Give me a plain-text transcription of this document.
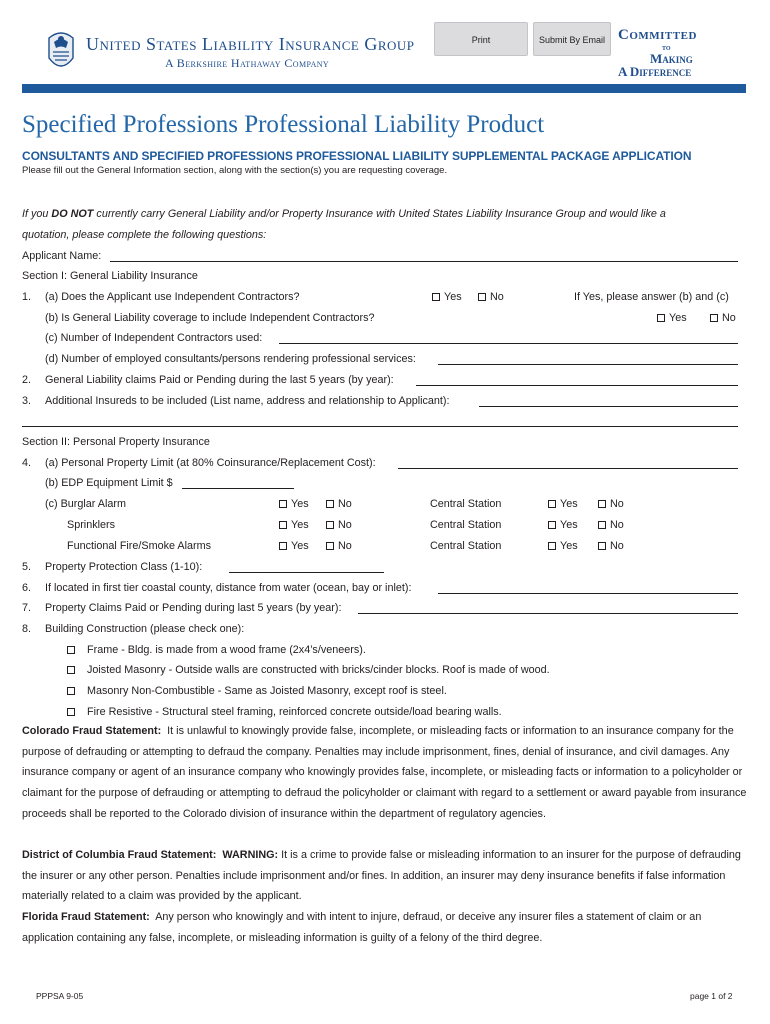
United States Liability Insurance Group
A Berkshire Hathaway Company
Print	Submit By Email Committed
to
Making
A Difference
Specified Professions Professional Liability Product
CONSULTANTS AND SPECIFIED PROFESSIONS PROFESSIONAL LIABILITY SUPPLEMENTAL PACKAGE APPLICATION
Please fill out the General Information section, along with the section(s) you are requesting coverage.
If you DO NOT currently carry General Liability and/or Property Insurance with United States Liability Insurance Group and would like a
quotation, please complete the following questions:
Applicant Name:
Section I: General Liability Insurance
1. (a) Does the Applicant use Independent Contractors?	Yes	No	If Yes, please answer (b) and (c)
(b) Is General Liability coverage to include Independent Contractors?	Yes	No
(c) Number of Independent Contractors used:
(d) Number of employed consultants/persons rendering professional services:
2. General Liability claims Paid or Pending during the last 5 years (by year):
3. Additional Insureds to be included (List name, address and relationship to Applicant):
Section II: Personal Property Insurance
4. (a) Personal Property Limit (at 80% Coinsurance/Replacement Cost):
(b) EDP Equipment Limit $
(c) Burglar Alarm	Yes	No	Central Station	Yes	No
Sprinklers	Yes	No	Central Station	Yes	No
Functional Fire/Smoke Alarms	Yes	No	Central Station	Yes	No
5. Property Protection Class (1-10):
6. If located in first tier coastal county, distance from water (ocean, bay or inlet):
7. Property Claims Paid or Pending during last 5 years (by year):
8. Building Construction (please check one):
Frame - Bldg. is made from a wood frame (2x4’s/veneers).
Joisted Masonry - Outside walls are constructed with bricks/cinder blocks. Roof is made of wood.
Masonry Non-Combustible - Same as Joisted Masonry, except roof is steel.
Fire Resistive - Structural steel framing, reinforced concrete outside/load bearing walls.
Colorado Fraud Statement: It is unlawful to knowingly provide false, incomplete, or misleading facts or information to an insurance company for the purpose of defrauding or attempting to defraud the company. Penalties may include imprisonment, fines, denial of insurance, and civil damages. Any insurance company or agent of an insurance company who knowingly provides false, incomplete, or misleading facts or information to a policyholder or claimant for the purpose of defrauding or attempting to defraud the policyholder or claimant with regard to a settlement or award payable from insurance proceeds shall be reported to the Colorado division of insurance within the department of regulatory agencies.
District of Columbia Fraud Statement: WARNING: It is a crime to provide false or misleading information to an insurer for the purpose of defrauding the insurer or any other person. Penalties include imprisonment and/or fines. In addition, an insurer may deny insurance benefits if false information materially related to a claim was provided by the applicant.
Florida Fraud Statement: Any person who knowingly and with intent to injure, defraud, or deceive any insurer files a statement of claim or an application containing any false, incomplete, or misleading information is guilty of a felony of the third degree.
PPPSA 9-05	page 1 of 2
